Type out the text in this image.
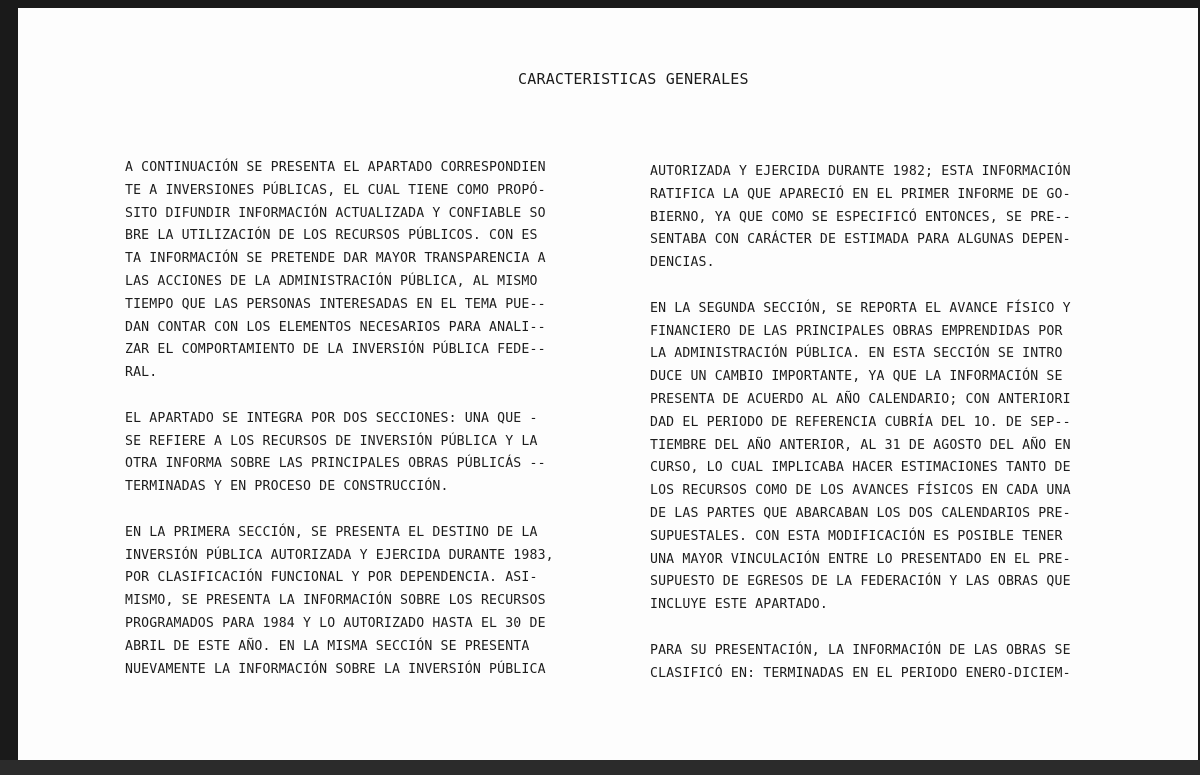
CARACTERISTICAS GENERALES
A CONTINUACIÓN SE PRESENTA EL APARTADO CORRESPONDIEN
TE A INVERSIONES PÚBLICAS, EL CUAL TIENE COMO PROPÓ-
SITO DIFUNDIR INFORMACIÓN ACTUALIZADA Y CONFIABLE SO
BRE LA UTILIZACIÓN DE LOS RECURSOS PÚBLICOS. CON ES
TA INFORMACIÓN SE PRETENDE DAR MAYOR TRANSPARENCIA A
LAS ACCIONES DE LA ADMINISTRACIÓN PÚBLICA, AL MISMO
TIEMPO QUE LAS PERSONAS INTERESADAS EN EL TEMA PUE--
DAN CONTAR CON LOS ELEMENTOS NECESARIOS PARA ANALI--
ZAR EL COMPORTAMIENTO DE LA INVERSIÓN PÚBLICA FEDE--
RAL.
EL APARTADO SE INTEGRA POR DOS SECCIONES: UNA QUE -
SE REFIERE A LOS RECURSOS DE INVERSIÓN PÚBLICA Y LA
OTRA INFORMA SOBRE LAS PRINCIPALES OBRAS PÚBLICÁS --
TERMINADAS Y EN PROCESO DE CONSTRUCCIÓN.
EN LA PRIMERA SECCIÓN, SE PRESENTA EL DESTINO DE LA
INVERSIÓN PÚBLICA AUTORIZADA Y EJERCIDA DURANTE 1983,
POR CLASIFICACIÓN FUNCIONAL Y POR DEPENDENCIA. ASI-
MISMO, SE PRESENTA LA INFORMACIÓN SOBRE LOS RECURSOS
PROGRAMADOS PARA 1984 Y LO AUTORIZADO HASTA EL 30 DE
ABRIL DE ESTE AÑO. EN LA MISMA SECCIÓN SE PRESENTA
NUEVAMENTE LA INFORMACIÓN SOBRE LA INVERSIÓN PÚBLICA
AUTORIZADA Y EJERCIDA DURANTE 1982; ESTA INFORMACIÓN
RATIFICA LA QUE APARECIÓ EN EL PRIMER INFORME DE GO-
BIERNO, YA QUE COMO SE ESPECIFICÓ ENTONCES, SE PRE--
SENTABA CON CARÁCTER DE ESTIMADA PARA ALGUNAS DEPEN-
DENCIAS.
EN LA SEGUNDA SECCIÓN, SE REPORTA EL AVANCE FÍSICO Y
FINANCIERO DE LAS PRINCIPALES OBRAS EMPRENDIDAS POR
LA ADMINISTRACIÓN PÚBLICA. EN ESTA SECCIÓN SE INTRO
DUCE UN CAMBIO IMPORTANTE, YA QUE LA INFORMACIÓN SE
PRESENTA DE ACUERDO AL AÑO CALENDARIO; CON ANTERIORI
DAD EL PERIODO DE REFERENCIA CUBRÍA DEL 1O. DE SEP--
TIEMBRE DEL AÑO ANTERIOR, AL 31 DE AGOSTO DEL AÑO EN
CURSO, LO CUAL IMPLICABA HACER ESTIMACIONES TANTO DE
LOS RECURSOS COMO DE LOS AVANCES FÍSICOS EN CADA UNA
DE LAS PARTES QUE ABARCABAN LOS DOS CALENDARIOS PRE-
SUPUESTALES. CON ESTA MODIFICACIÓN ES POSIBLE TENER
UNA MAYOR VINCULACIÓN ENTRE LO PRESENTADO EN EL PRE-
SUPUESTO DE EGRESOS DE LA FEDERACIÓN Y LAS OBRAS QUE
INCLUYE ESTE APARTADO.
PARA SU PRESENTACIÓN, LA INFORMACIÓN DE LAS OBRAS SE
CLASIFICÓ EN: TERMINADAS EN EL PERIODO ENERO-DICIEM-
